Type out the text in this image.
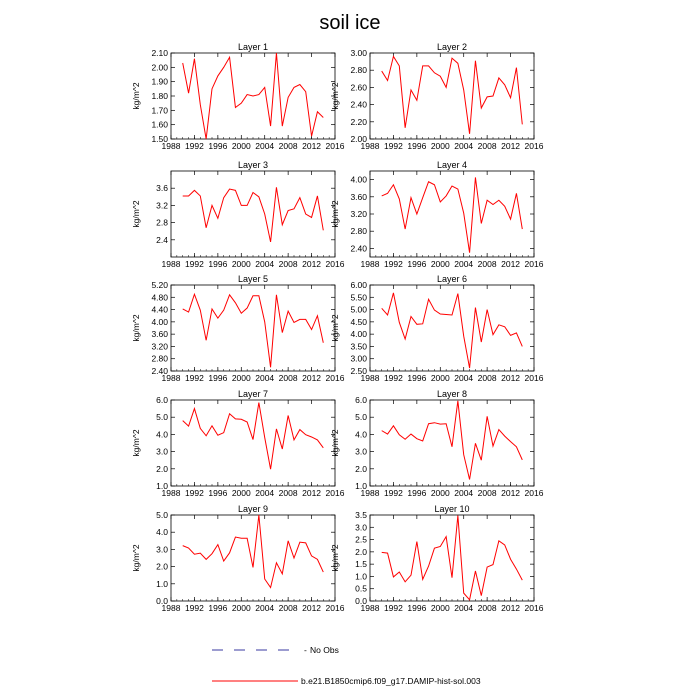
soil ice
Layer 1
1988 1992 1996 2000 2004 2008 2012 2016
1.50
1.60
1.70
1.80
1.90
2.00
2.10
kg/m^2
Layer 2
1988 1992 1996 2000 2004 2008 2012 2016
2.00
2.20
2.40
2.60
2.80
3.00
kg/m^2
Layer 3
1988 1992 1996 2000 2004 2008 2012 2016
2.4
2.8
3.2
3.6
kg/m^2
Layer 4
1988 1992 1996 2000 2004 2008 2012 2016
2.40
2.80
3.20
3.60
4.00
kg/m^2
Layer 5
1988 1992 1996 2000 2004 2008 2012 2016
2.40
2.80
3.20
3.60
4.00
4.40
4.80
5.20
kg/m^2
Layer 6
1988 1992 1996 2000 2004 2008 2012 2016
2.50
3.00
3.50
4.00
4.50
5.00
5.50
6.00
kg/m^2
Layer 7
1988 1992 1996 2000 2004 2008 2012 2016
1.0
2.0
3.0
4.0
5.0
6.0
kg/m^2
Layer 8
1988 1992 1996 2000 2004 2008 2012 2016
1.0
2.0
3.0
4.0
5.0
6.0
kg/m^2
Layer 9
1988 1992 1996 2000 2004 2008 2012 2016
0.0
1.0
2.0
3.0
4.0
5.0
kg/m^2
Layer 10
1988 1992 1996 2000 2004 2008 2012 2016
0.0
0.5
1.0
1.5
2.0
2.5
3.0
3.5
kg/m^2
- No Obs
b.e21.B1850cmip6.f09_g17.DAMIP-hist-sol.003
